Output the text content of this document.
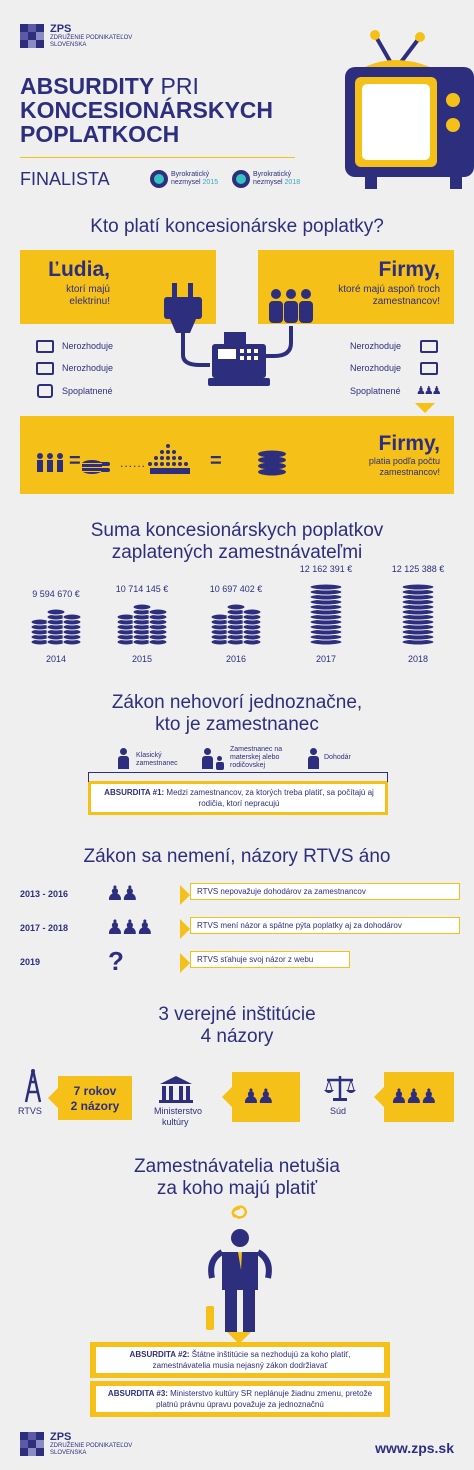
ZPS
ZDRUŽENIE PODNIKATEĽOV
SLOVENSKA
ABSURDITY PRI
KONCESIONÁRSKYCH
POPLATKOCH
FINALISTA	Byrokratický
nezmysel 2015
Byrokratický
nezmysel 2018
Kto platí koncesionárske poplatky?
Ľudia,
ktorí majú elektrinu!
Firmy,
ktoré majú aspoň troch zamestnancov!
Nerozhoduje
Nerozhoduje
Spoplatnené
Nerozhoduje
Nerozhoduje
Spoplatnené ♟♟♟
=	......	=
Firmy,
platia podľa počtu zamestnancov!
Suma koncesionárskych poplatkov
zaplatených zamestnávateľmi
9 594 670 €
2014
10 714 145 €
2015
10 697 402 €
2016
12 162 391 €
2017
12 125 388 €
2018
Zákon nehovorí jednoznačne,
kto je zamestnanec
Klasický zamestnanec
Zamestnanec na materskej alebo rodičovskej
Dohodár
ABSURDITA #1: Medzi zamestnancov, za ktorých treba platiť, sa počítajú aj rodičia, ktorí nepracujú
Zákon sa nemení, názory RTVS áno
2013 - 2016 ♟♟	RTVS nepovažuje dohodárov za zamestnancov
2017 - 2018 ♟♟♟	RTVS mení názor a spätne pýta poplatky aj za dohodárov
2019	?	RTVS sťahuje svoj názor z webu
3 verejné inštitúcie
4 názory
RTVS
7 rokov
2 názory	Ministerstvo
kultúry
♟♟
Súd
♟♟♟
Zamestnávatelia netušia
za koho majú platiť
ABSURDITA #2: Štátne inštitúcie sa nezhodujú za koho platiť, zamestnávatelia musia nejasný zákon dodržiavať
ABSURDITA #3: Ministerstvo kultúry SR neplánuje žiadnu zmenu, pretože platnú právnu úpravu považuje za jednoznačnú
ZPS
ZDRUŽENIE PODNIKATEĽOV
SLOVENSKA	www.zps.sk
